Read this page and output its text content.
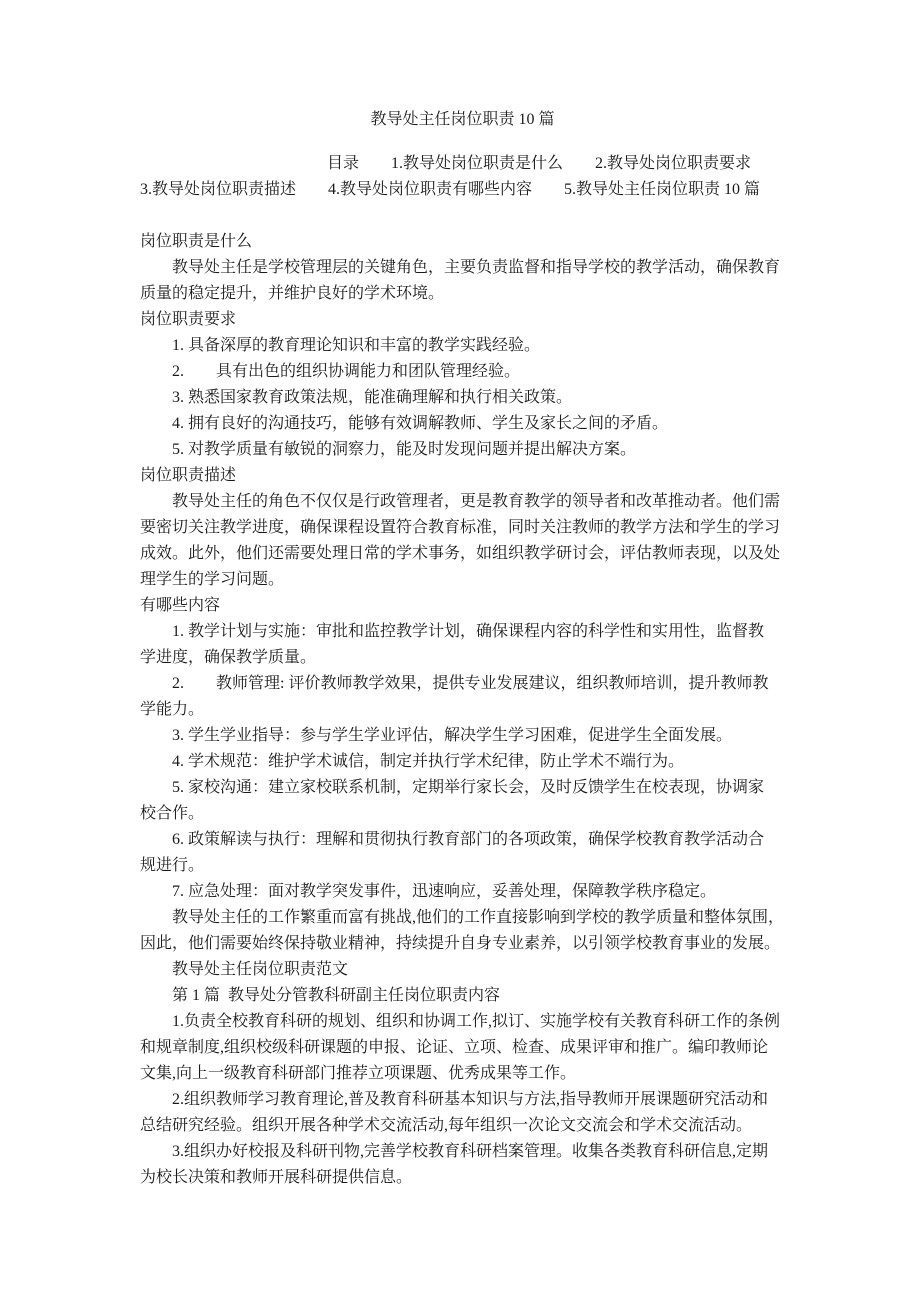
教导处主任岗位职责 10 篇
目录　　1.教导处岗位职责是什么　　2.教导处岗位职责要求
3.教导处岗位职责描述　　4.教导处岗位职责有哪些内容　　5.教导处主任岗位职责 10 篇
岗位职责是什么
　　教导处主任是学校管理层的关键角色，主要负责监督和指导学校的教学活动，确保教育
质量的稳定提升，并维护良好的学术环境。
岗位职责要求
　　1. 具备深厚的教育理论知识和丰富的教学实践经验。
　　2.　　具有出色的组织协调能力和团队管理经验。
　　3. 熟悉国家教育政策法规，能准确理解和执行相关政策。
　　4. 拥有良好的沟通技巧，能够有效调解教师、学生及家长之间的矛盾。
　　5. 对教学质量有敏锐的洞察力，能及时发现问题并提出解决方案。
岗位职责描述
　　教导处主任的角色不仅仅是行政管理者，更是教育教学的领导者和改革推动者。他们需
要密切关注教学进度，确保课程设置符合教育标准，同时关注教师的教学方法和学生的学习
成效。此外，他们还需要处理日常的学术事务，如组织教学研讨会，评估教师表现，以及处
理学生的学习问题。
有哪些内容
　　1. 教学计划与实施：审批和监控教学计划，确保课程内容的科学性和实用性，监督教
学进度，确保教学质量。
　　2.　　教师管理: 评价教师教学效果，提供专业发展建议，组织教师培训，提升教师教
学能力。
　　3. 学生学业指导：参与学生学业评估，解决学生学习困难，促进学生全面发展。
　　4. 学术规范：维护学术诚信，制定并执行学术纪律，防止学术不端行为。
　　5. 家校沟通：建立家校联系机制，定期举行家长会，及时反馈学生在校表现，协调家
校合作。
　　6. 政策解读与执行：理解和贯彻执行教育部门的各项政策，确保学校教育教学活动合
规进行。
　　7. 应急处理：面对教学突发事件，迅速响应，妥善处理，保障教学秩序稳定。
　　教导处主任的工作繁重而富有挑战,他们的工作直接影响到学校的教学质量和整体氛围，
因此，他们需要始终保持敬业精神，持续提升自身专业素养，以引领学校教育事业的发展。
　　教导处主任岗位职责范文
　　第 1 篇  教导处分管教科研副主任岗位职责内容
　　1.负责全校教育科研的规划、组织和协调工作,拟订、实施学校有关教育科研工作的条例
和规章制度,组织校级科研课题的申报、论证、立项、检查、成果评审和推广。编印教师论
文集,向上一级教育科研部门推荐立项课题、优秀成果等工作。
　　2.组织教师学习教育理论,普及教育科研基本知识与方法,指导教师开展课题研究活动和
总结研究经验。组织开展各种学术交流活动,每年组织一次论文交流会和学术交流活动。
　　3.组织办好校报及科研刊物,完善学校教育科研档案管理。收集各类教育科研信息,定期
为校长决策和教师开展科研提供信息。
